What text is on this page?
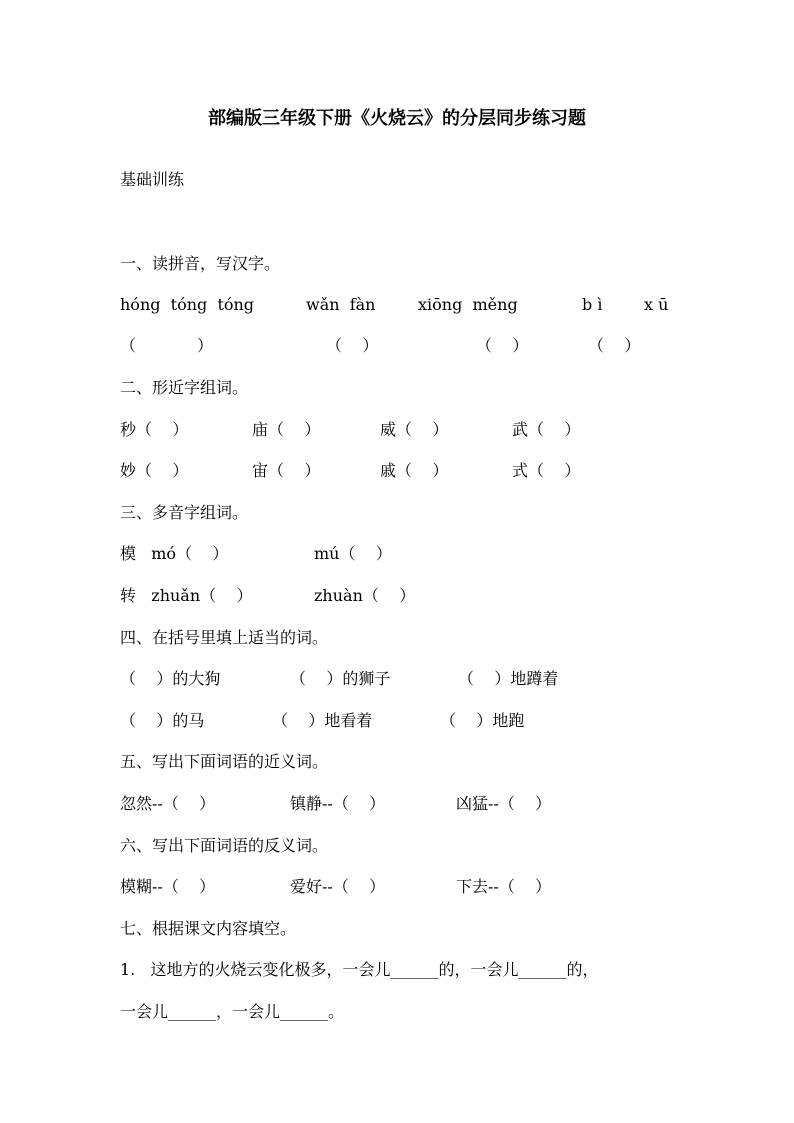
部编版三年级下册《火烧云》的分层同步练习题
基础训练
一、读拼音，写汉字。
hóng  tóng  tóng	wǎn  fàn	xiōng  měng	b ì	x ū
（            ）	（    ）	（    ）	（    ）
二、形近字组词。
秒（    ）	庙（    ）	威（    ）	武（    ）
妙（    ）	宙（    ）	戚（    ）	式（    ）
三、多音字组词。
模   mó（    ）	mú（    ）
转   zhuǎn（    ）	zhuàn（    ）
四、在括号里填上适当的词。
（    ）的大狗	（    ）的狮子	（    ）地蹲着
（    ）的马	（    ）地看着	（    ）地跑
五、写出下面词语的近义词。
忽然--（    ）	镇静--（    ）	凶猛--（    ）
六、写出下面词语的反义词。
模糊--（    ）	爱好--（    ）	下去--（    ）
七、根据课文内容填空。
1.   这地方的火烧云变化极多，一会儿______的，一会儿______的，
一会儿______，一会儿______。
